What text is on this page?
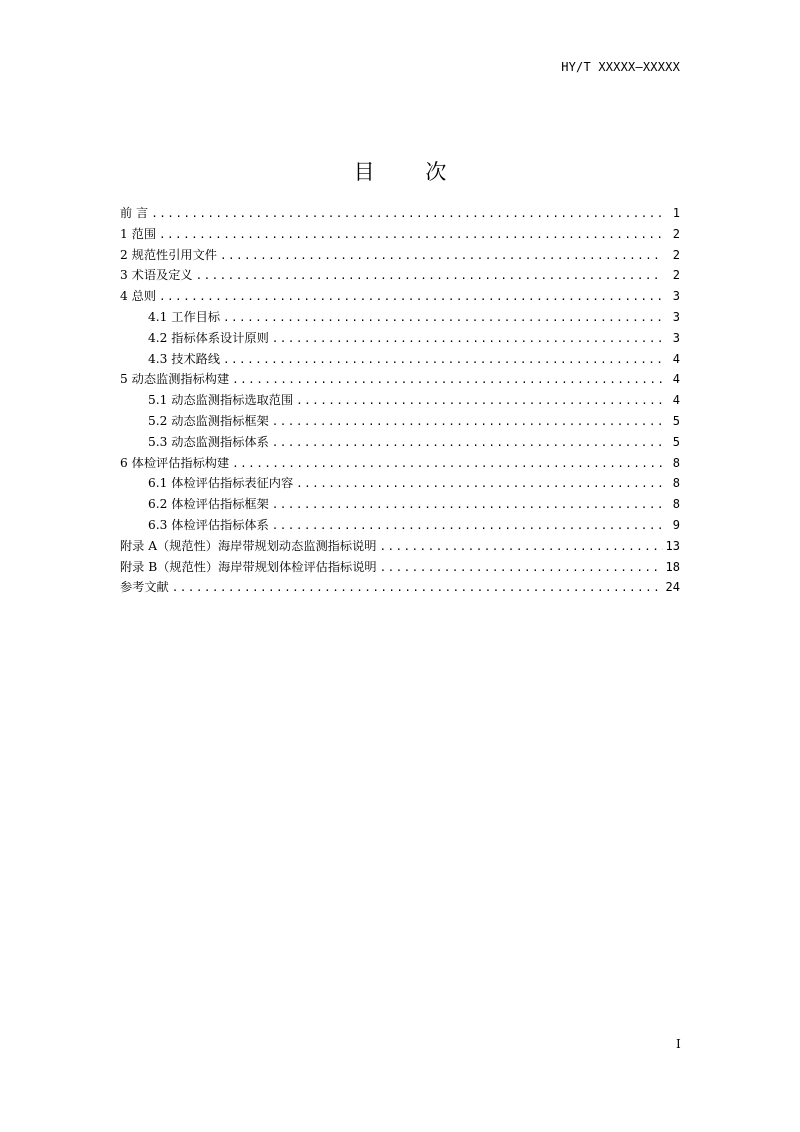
HY/T XXXXX—XXXXX
目 次
前 言 .....	1
1 范围 .....	2
2 规范性引用文件 .....	2
3 术语及定义 .....	2
4 总则 .....	3
4.1 工作目标 .....	3
4.2 指标体系设计原则 .....	3
4.3 技术路线 .....	4
5 动态监测指标构建 .....	4
5.1 动态监测指标选取范围 .....	4
5.2 动态监测指标框架 .....	5
5.3 动态监测指标体系 .....	5
6 体检评估指标构建 .....	8
6.1 体检评估指标表征内容 .....	8
6.2 体检评估指标框架 .....	8
6.3 体检评估指标体系 .....	9
附录 A（规范性）海岸带规划动态监测指标说明 .....	13
附录 B（规范性）海岸带规划体检评估指标说明 .....	18
参考文献 .....	24
I
